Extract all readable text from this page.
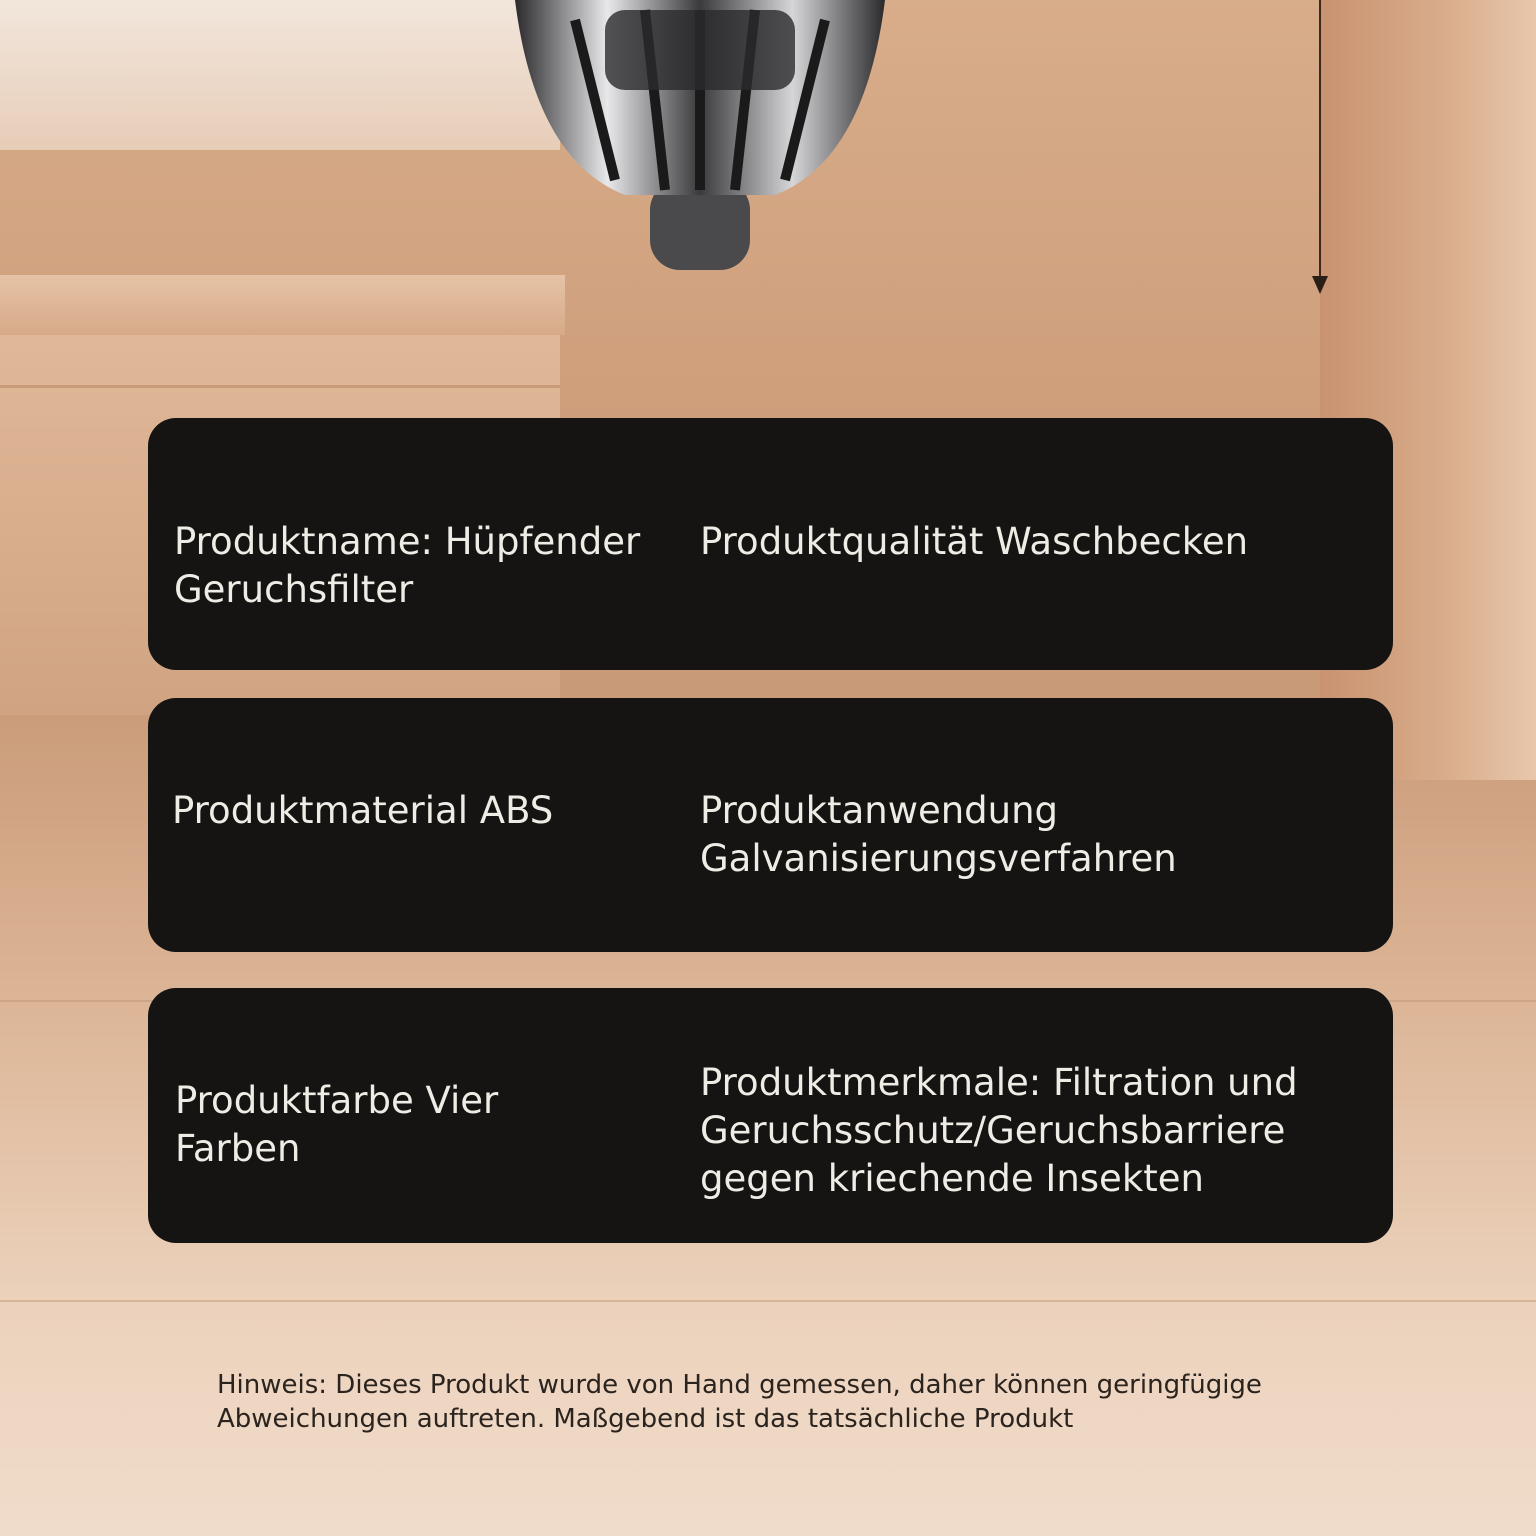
Produktname: Hüpfender Geruchsfilter
Produktqualität Waschbecken
Produktmaterial ABS	Produktanwendung Galvanisierungsverfahren
Produktfarbe Vier Farben
Produktmerkmale: Filtration und Geruchsschutz/Geruchsbarriere gegen kriechende Insekten
Hinweis: Dieses Produkt wurde von Hand gemessen, daher können geringfügige Abweichungen auftreten. Maßgebend ist das tatsächliche Produkt
